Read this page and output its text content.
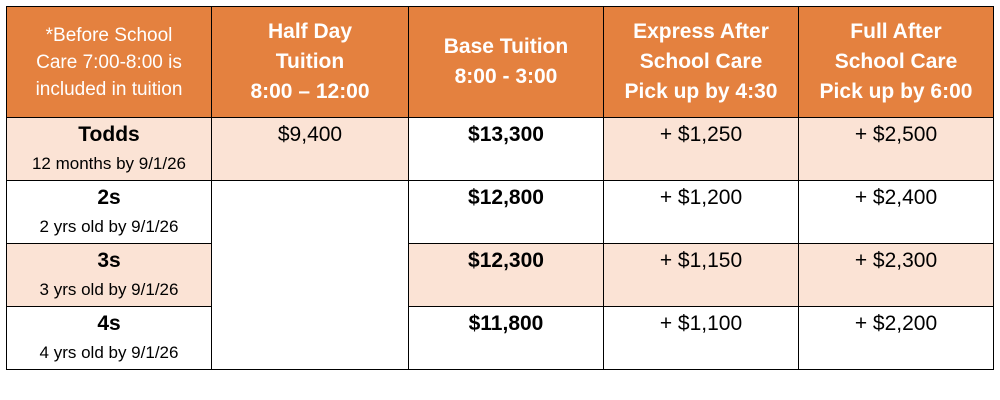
*Before School
Care 7:00-8:00 is
included in tuition	Half Day
Tuition
8:00 – 12:00	Base Tuition
8:00 - 3:00	Express After
School Care
Pick up by 4:30	Full After
School Care
Pick up by 6:00

Todds
12 months by 9/1/26	$9,400	$13,300	+ $1,250	+ $2,500

2s
2 yrs old by 9/1/26		$12,800	+ $1,200	+ $2,400

3s
3 yrs old by 9/1/26		$12,300	+ $1,150	+ $2,300

4s
4 yrs old by 9/1/26		$11,800	+ $1,100	+ $2,200
